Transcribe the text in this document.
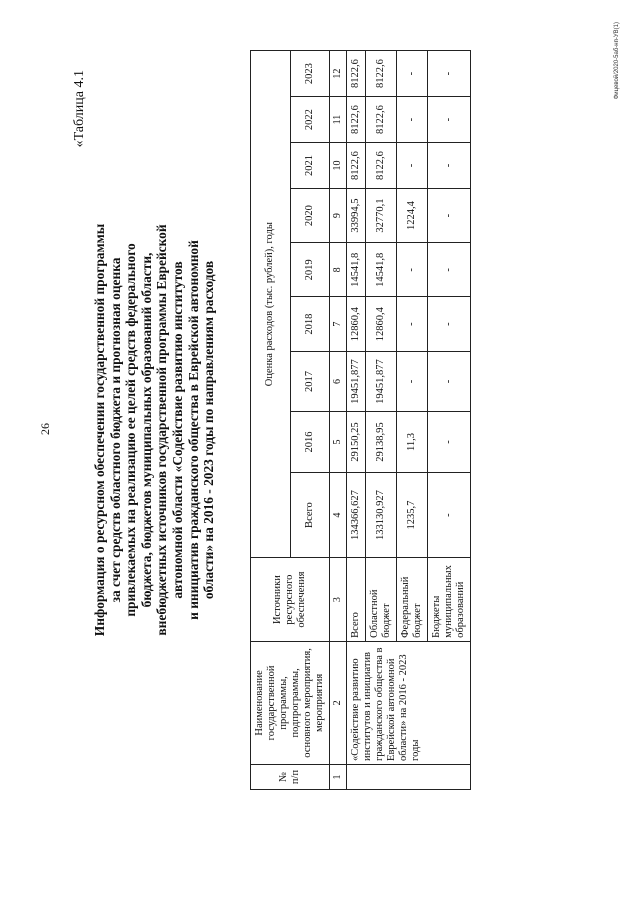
26
«Таблица 4.1
Информация о ресурсном обеспечении государственной программы за счет средств областного бюджета и прогнозная оценка привлекаемых на реализацию ее целей средств федерального бюджета, бюджетов муниципальных образований области, внебюджетных источников государственной программы Еврейской автономной области «Содействие развитию институтов и инициатив гражданского общества в Еврейской автономной области» на 2016 - 2023 годы по направлениям расходов
№ п/п	Наименование государственной программы, подпрограммы, основного мероприятия, мероприятия	Источники ресурсного обеспечения	Оценка расходов (тыс. рублей), годы								
			Всего	2016	2017	2018	2019	2020	2021	2022	2023
1	2	3	4	5	6	7	8	9	10	11	12
	«Содействие развитию институтов и инициатив гражданского общества в Еврейской автономной области» на 2016 - 2023 годы	Всего	134366,627	29150,25	19451,877	12860,4	14541,8	33994,5	8122,6	8122,6	8122,6
		Областной бюджет	133130,927	29138,95	19451,877	12860,4	14541,8	32770,1	8122,6	8122,6	8122,6
		Федеральный бюджет	1235,7	11,3	-	-	-	1224,4	-	-	-
		Бюджеты муниципальных образований	-	-	-	-	-	-	-	-	-	Фицевой/2020-5аб-нп-УВ(1)
